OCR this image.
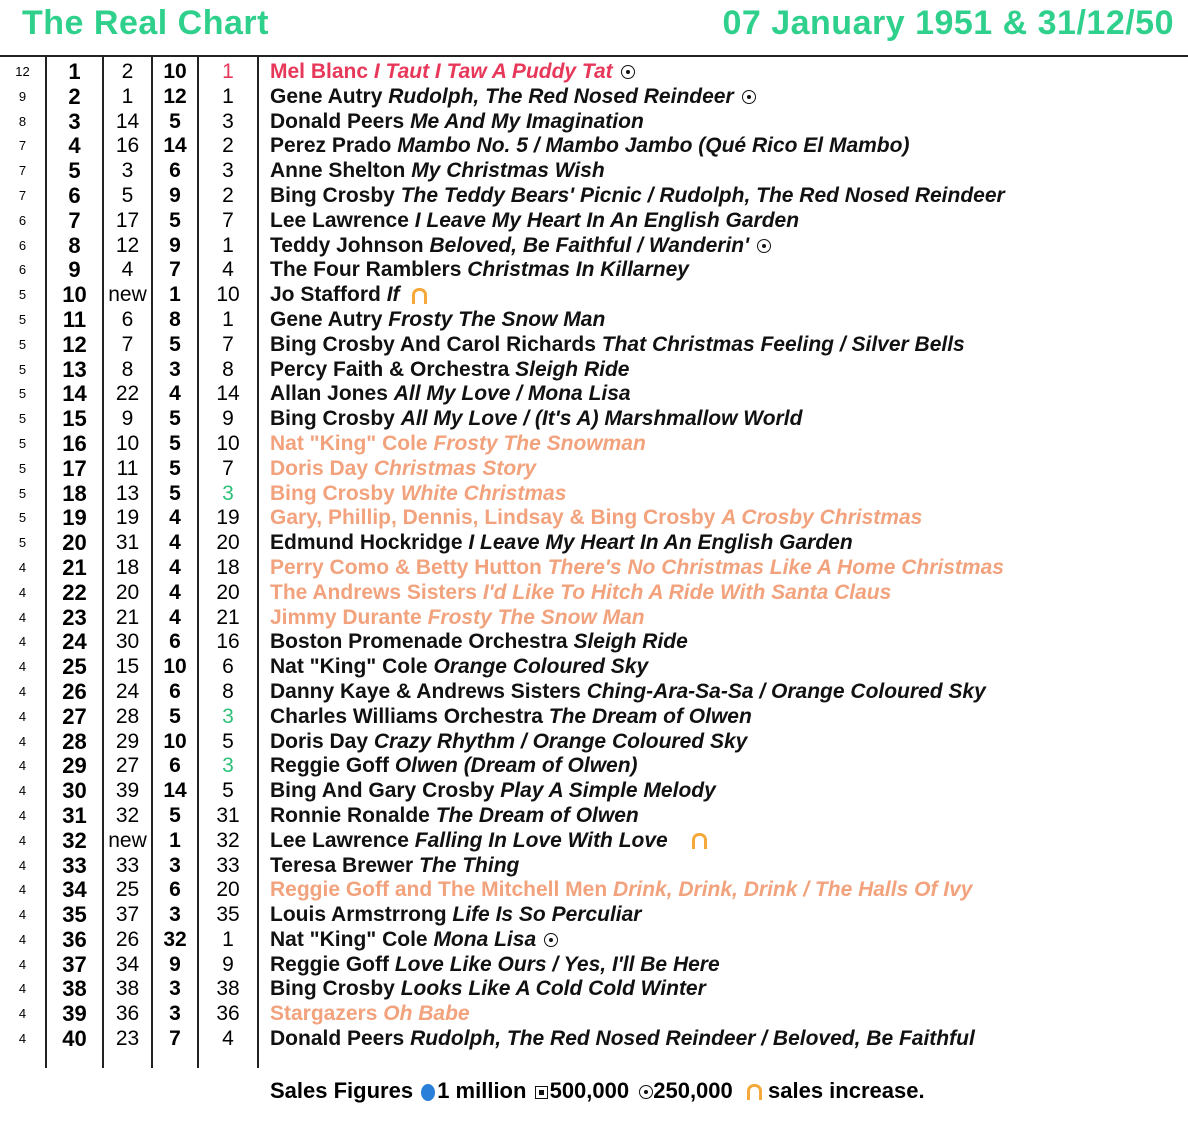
The Real Chart	07 January 1951 & 31/12/50
12	1	2	10	1	Mel Blanc I Taut I Taw A Puddy Tat
9	2	1	12	1	Gene Autry Rudolph, The Red Nosed Reindeer
8	3	14	5	3	Donald Peers Me And My Imagination
7	4	16	14	2	Perez Prado Mambo No. 5 / Mambo Jambo (Qué Rico El Mambo)
7	5	3	6	3	Anne Shelton My Christmas Wish
7	6	5	9	2	Bing Crosby The Teddy Bears' Picnic / Rudolph, The Red Nosed Reindeer
6	7	17	5	7	Lee Lawrence I Leave My Heart In An English Garden
6	8	12	9	1	Teddy Johnson Beloved, Be Faithful / Wanderin'
6	9	4	7	4	The Four Ramblers Christmas In Killarney
5	10	new	1	10	Jo Stafford If
5	11	6	8	1	Gene Autry Frosty The Snow Man
5	12	7	5	7	Bing Crosby And Carol Richards That Christmas Feeling / Silver Bells
5	13	8	3	8	Percy Faith & Orchestra Sleigh Ride
5	14	22	4	14	Allan Jones All My Love / Mona Lisa
5	15	9	5	9	Bing Crosby All My Love / (It's A) Marshmallow World
5	16	10	5	10	Nat "King" Cole Frosty The Snowman
5	17	11	5	7	Doris Day Christmas Story
5	18	13	5	3	Bing Crosby White Christmas
5	19	19	4	19	Gary, Phillip, Dennis, Lindsay & Bing Crosby A Crosby Christmas
5	20	31	4	20	Edmund Hockridge I Leave My Heart In An English Garden
4	21	18	4	18	Perry Como & Betty Hutton There's No Christmas Like A Home Christmas
4	22	20	4	20	The Andrews Sisters I'd Like To Hitch A Ride With Santa Claus
4	23	21	4	21	Jimmy Durante Frosty The Snow Man
4	24	30	6	16	Boston Promenade Orchestra Sleigh Ride
4	25	15	10	6	Nat "King" Cole Orange Coloured Sky
4	26	24	6	8	Danny Kaye & Andrews Sisters Ching-Ara-Sa-Sa / Orange Coloured Sky
4	27	28	5	3	Charles Williams Orchestra The Dream of Olwen
4	28	29	10	5	Doris Day Crazy Rhythm / Orange Coloured Sky
4	29	27	6	3	Reggie Goff Olwen (Dream of Olwen)
4	30	39	14	5	Bing And Gary Crosby Play A Simple Melody
4	31	32	5	31	Ronnie Ronalde The Dream of Olwen
4	32	new	1	32	Lee Lawrence Falling In Love With Love
4	33	33	3	33	Teresa Brewer The Thing
4	34	25	6	20	Reggie Goff and The Mitchell Men Drink, Drink, Drink / The Halls Of Ivy
4	35	37	3	35	Louis Armstrrong Life Is So Perculiar
4	36	26	32	1	Nat "King" Cole Mona Lisa
4	37	34	9	9	Reggie Goff Love Like Ours / Yes, I'll Be Here
4	38	38	3	38	Bing Crosby Looks Like A Cold Cold Winter
4	39	36	3	36	Stargazers Oh Babe
4	40	23	7	4	Donald Peers Rudolph, The Red Nosed Reindeer / Beloved, Be Faithful
Sales Figures 1 million 500,000 250,000 sales increase.
